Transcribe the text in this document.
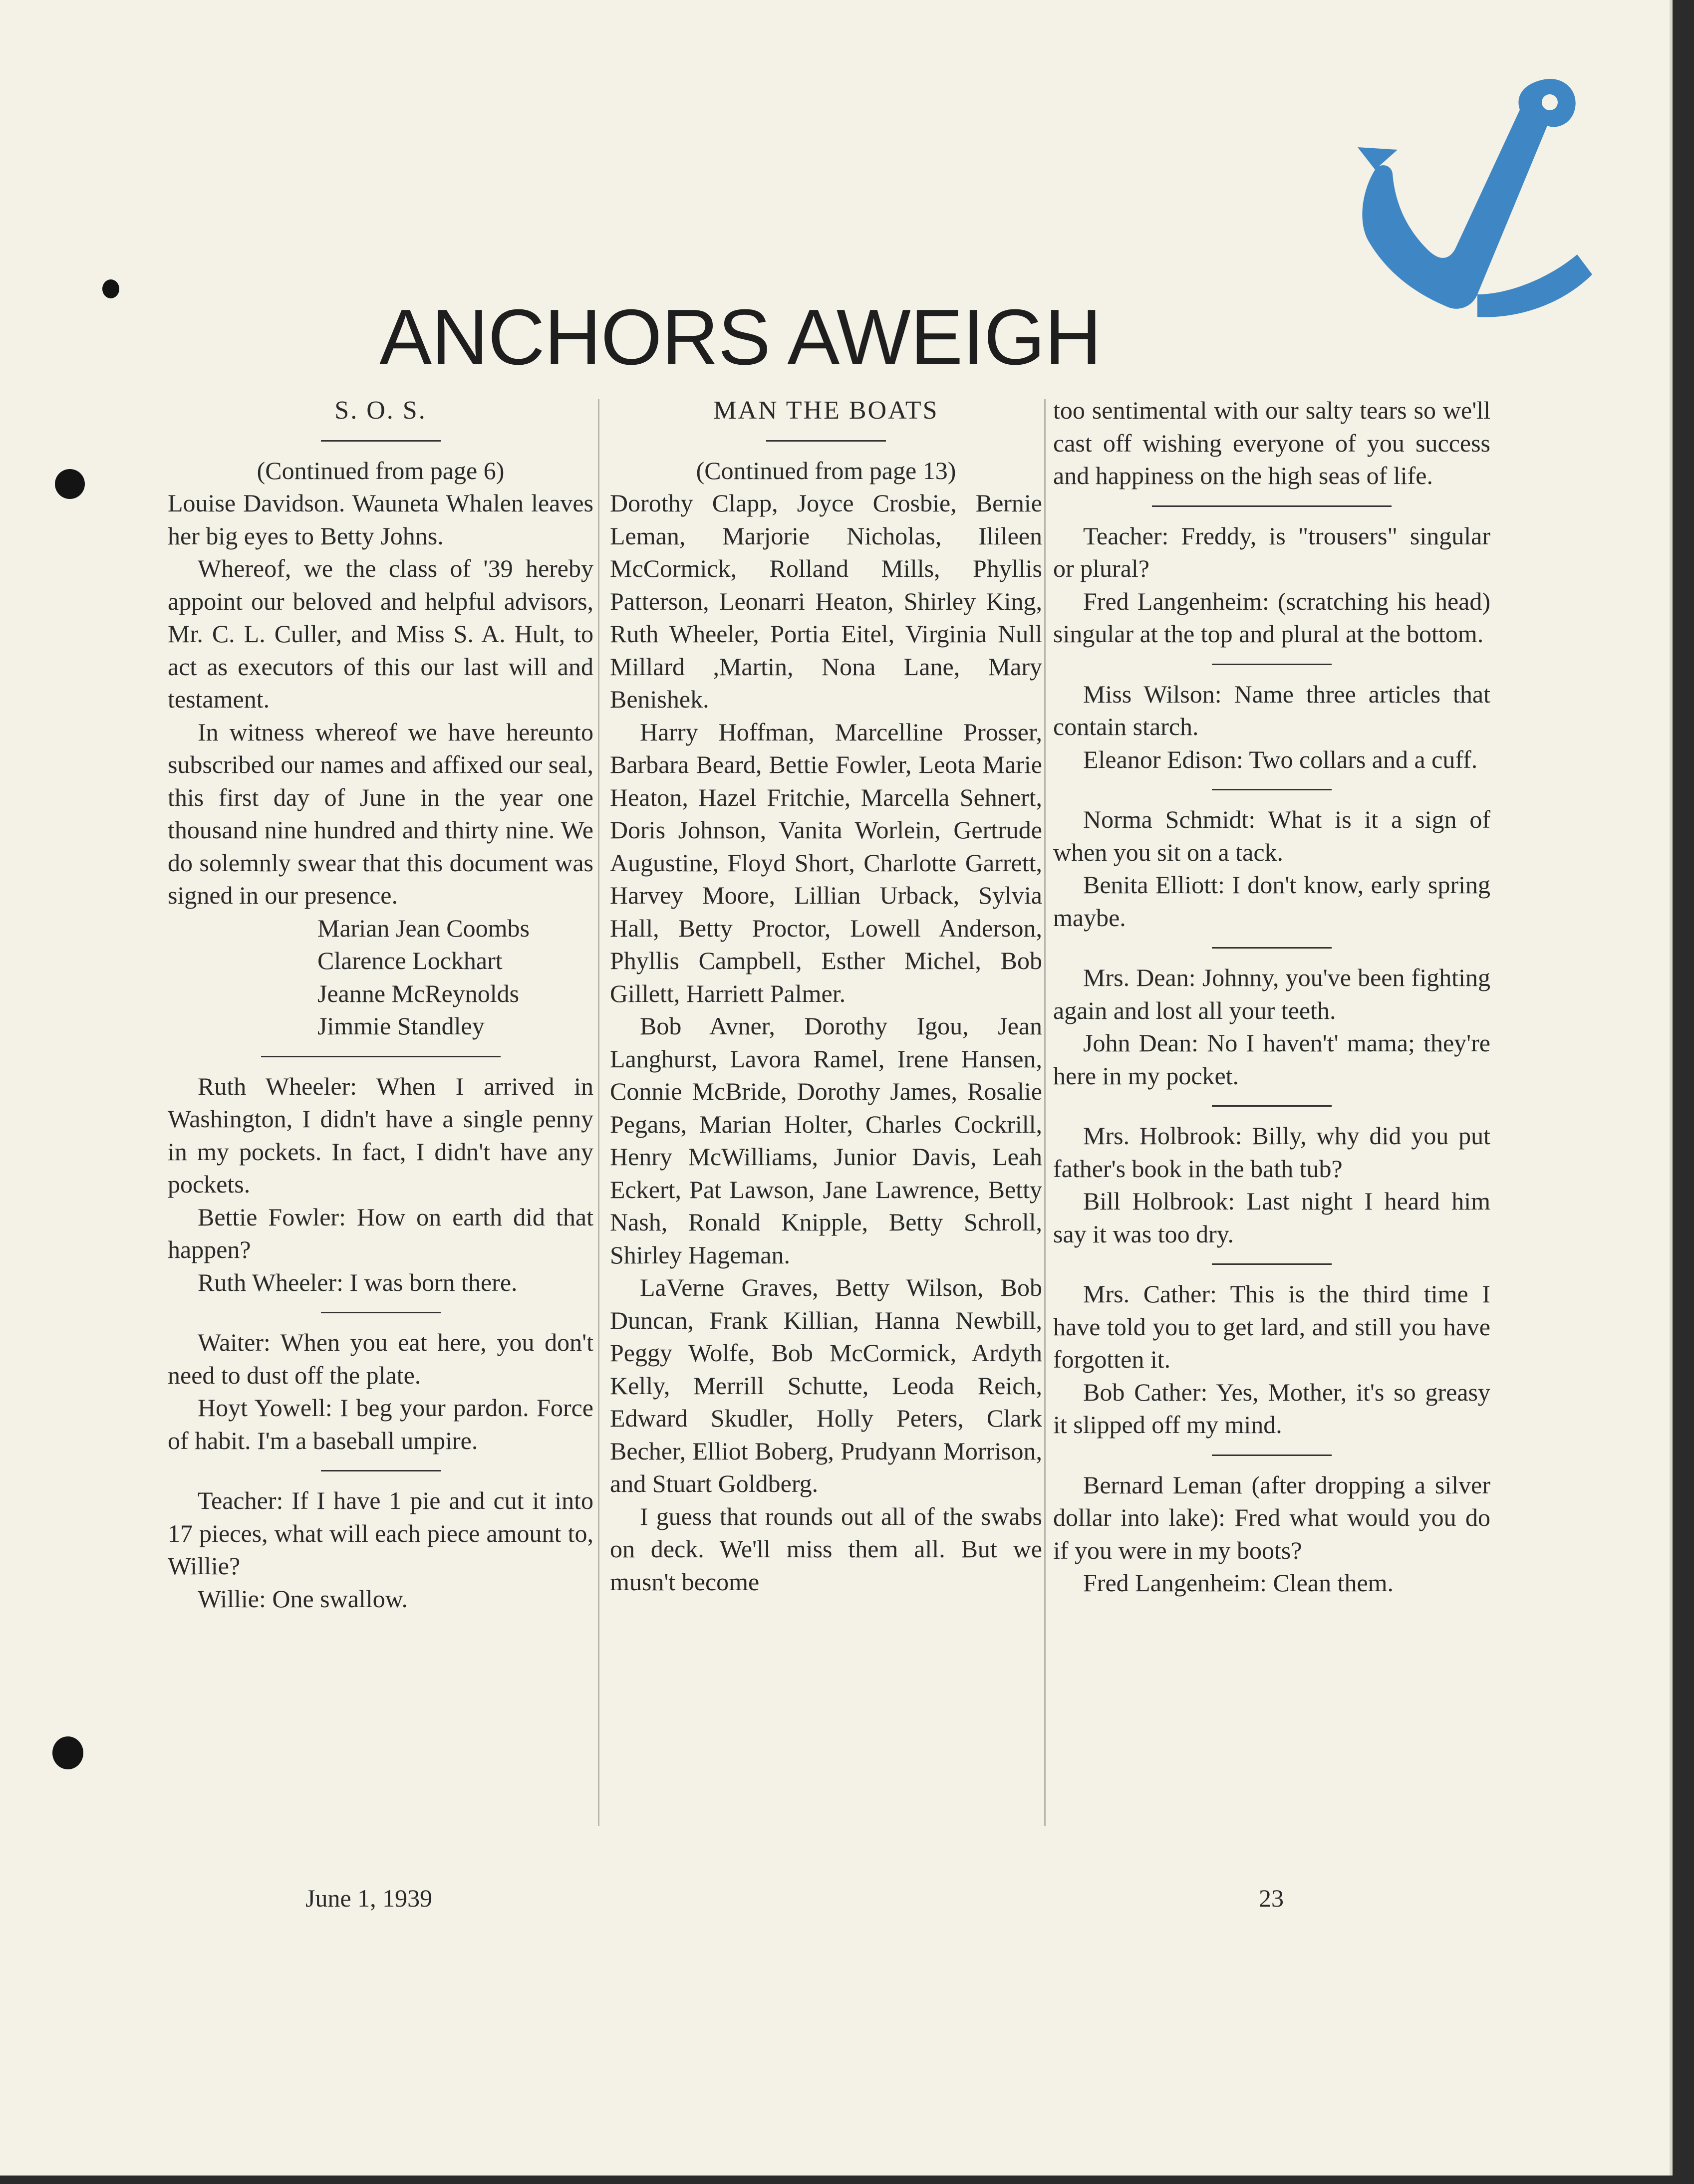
ANCHORS AWEIGH
S. O. S.

(Continued from page 6)

Louise Davidson. Wauneta Whalen leaves her big eyes to Betty Johns.

Whereof, we the class of '39 hereby appoint our beloved and helpful advisors, Mr. C. L. Culler, and Miss S. A. Hult, to act as executors of this our last will and testament.

In witness whereof we have hereunto subscribed our names and affixed our seal, this first day of June in the year one thousand nine hundred and thirty nine. We do solemnly swear that this document was signed in our presence.

Marian Jean Coombs

Clarence Lockhart

Jeanne McReynolds

Jimmie Standley

Ruth Wheeler: When I arrived in Washington, I didn't have a single penny in my pockets. In fact, I didn't have any pockets.

Bettie Fowler: How on earth did that happen?

Ruth Wheeler: I was born there.

Waiter: When you eat here, you don't need to dust off the plate.

Hoyt Yowell: I beg your pardon. Force of habit. I'm a baseball umpire.

Teacher: If I have 1 pie and cut it into 17 pieces, what will each piece amount to, Willie?

Willie: One swallow.

MAN THE BOATS

(Continued from page 13)

Dorothy Clapp, Joyce Crosbie, Bernie Leman, Marjorie Nicholas, Ilileen McCormick, Rolland Mills, Phyllis Patterson, Leonarri Heaton, Shirley King, Ruth Wheeler, Portia Eitel, Virginia Null Millard ,Martin, Nona Lane, Mary Benishek.

Harry Hoffman, Marcelline Prosser, Barbara Beard, Bettie Fowler, Leota Marie Heaton, Hazel Fritchie, Marcella Sehnert, Doris Johnson, Vanita Worlein, Gertrude Augustine, Floyd Short, Charlotte Garrett, Harvey Moore, Lillian Urback, Sylvia Hall, Betty Proctor, Lowell Anderson, Phyllis Campbell, Esther Michel, Bob Gillett, Harriett Palmer.

Bob Avner, Dorothy Igou, Jean Langhurst, Lavora Ramel, Irene Hansen, Connie McBride, Dorothy James, Rosalie Pegans, Marian Holter, Charles Cockrill, Henry McWilliams, Junior Davis, Leah Eckert, Pat Lawson, Jane Lawrence, Betty Nash, Ronald Knipple, Betty Schroll, Shirley Hageman.

LaVerne Graves, Betty Wilson, Bob Duncan, Frank Killian, Hanna Newbill, Peggy Wolfe, Bob McCormick, Ardyth Kelly, Merrill Schutte, Leoda Reich, Edward Skudler, Holly Peters, Clark Becher, Elliot Boberg, Prudyann Morrison, and Stuart Goldberg.

I guess that rounds out all of the swabs on deck. We'll miss them all. But we musn't become

too sentimental with our salty tears so we'll cast off wishing everyone of you success and happiness on the high seas of life.

Teacher: Freddy, is "trousers" singular or plural?

Fred Langenheim: (scratching his head) singular at the top and plural at the bottom.

Miss Wilson: Name three articles that contain starch.

Eleanor Edison: Two collars and a cuff.

Norma Schmidt: What is it a sign of when you sit on a tack.

Benita Elliott: I don't know, early spring maybe.

Mrs. Dean: Johnny, you've been fighting again and lost all your teeth.

John Dean: No I haven't' mama; they're here in my pocket.

Mrs. Holbrook: Billy, why did you put father's book in the bath tub?

Bill Holbrook: Last night I heard him say it was too dry.

Mrs. Cather: This is the third time I have told you to get lard, and still you have forgotten it.

Bob Cather: Yes, Mother, it's so greasy it slipped off my mind.

Bernard Leman (after dropping a silver dollar into lake): Fred what would you do if you were in my boots?

Fred Langenheim: Clean them.

June 1, 1939	23
